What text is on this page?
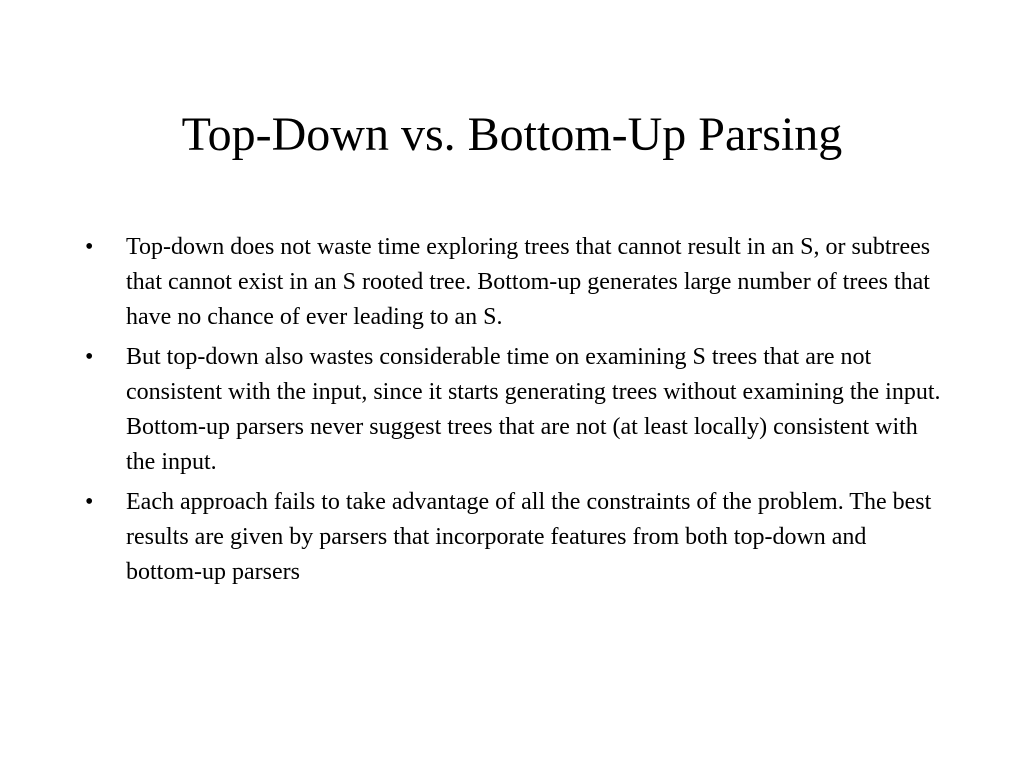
Top-Down vs. Bottom-Up Parsing
•	Top-down does not waste time exploring trees that cannot result in an S, or subtrees that cannot exist in an S rooted tree. Bottom-up generates large number of trees that have no chance of ever leading to an S.
•	But top-down also wastes considerable time on examining S trees that are not consistent with the input, since it starts generating trees without examining the input. Bottom-up parsers never suggest trees that are not (at least locally) consistent with the input.
•	Each approach fails to take advantage of all the constraints of the problem. The best results are given by parsers that incorporate features from both top-down and bottom-up parsers
